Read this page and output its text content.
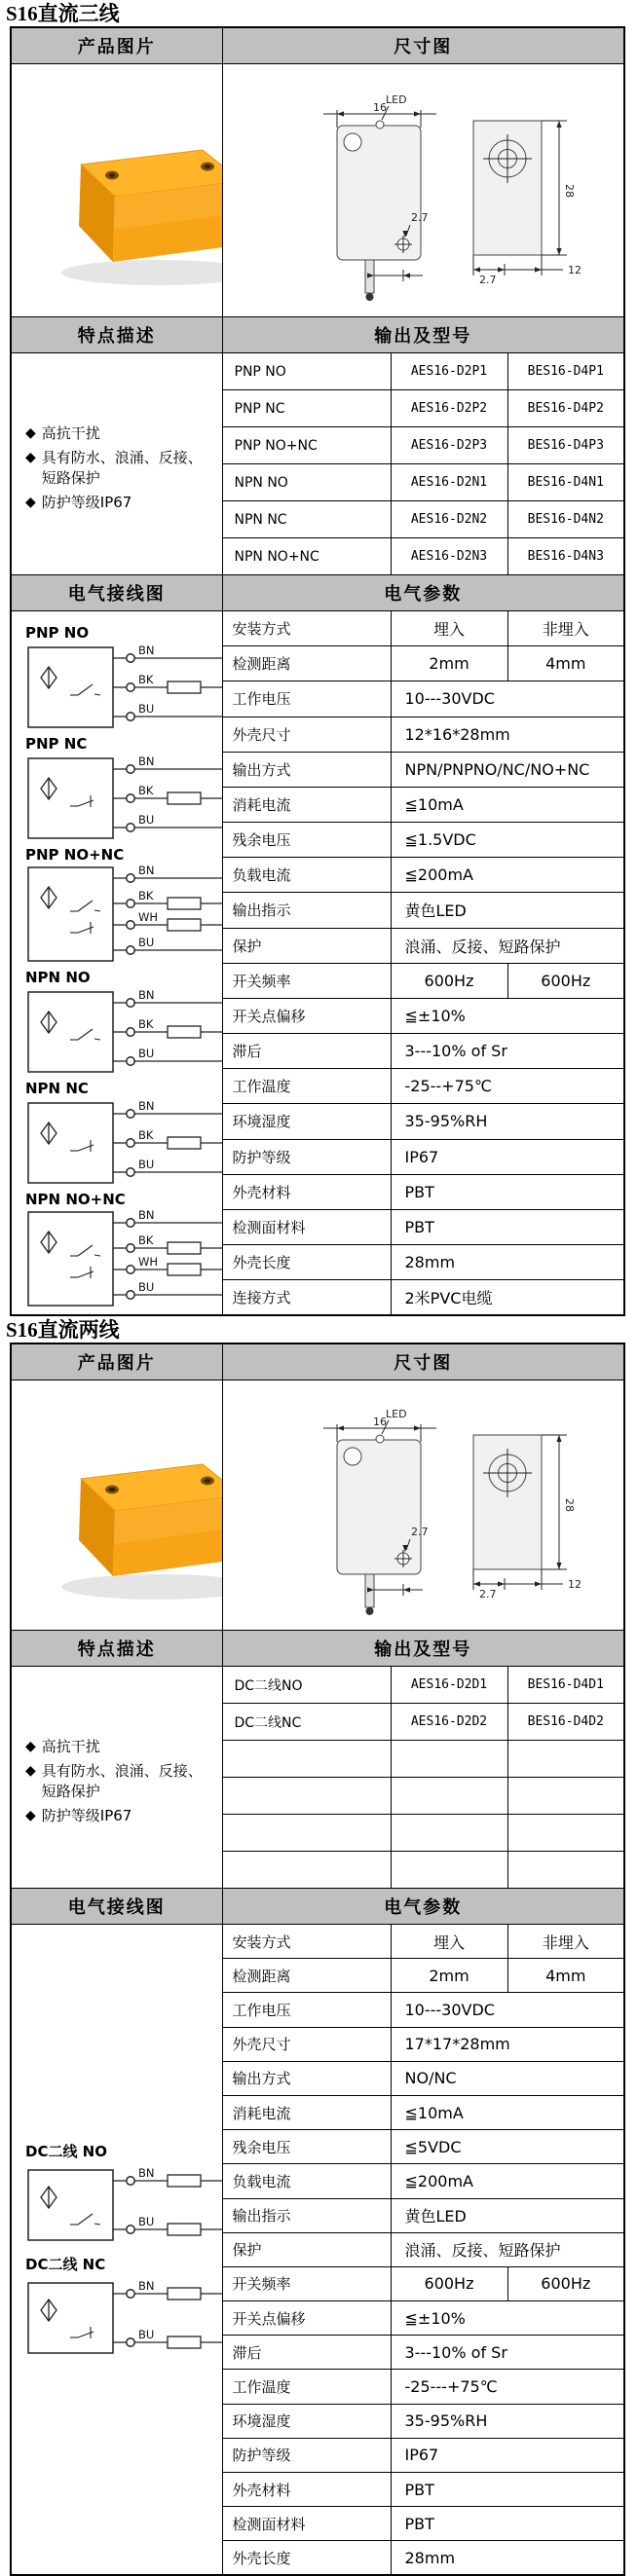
S16直流三线
产品图片	尺寸图		

LED
16
2.7
28
2.7
12

特点描述	输出及型号		

◆ 高抗干扰
◆ 具有防水、浪涌、反接、短路保护
◆ 防护等级IP67
	PNP NO	AES16-D2P1	BES16-D4P1
	PNP NC	AES16-D2P2	BES16-D4P2
	PNP NO+NC	AES16-D2P3	BES16-D4P3
	NPN NO	AES16-D2N1	BES16-D4N1
	NPN NC	AES16-D2N2	BES16-D4N2
	NPN NO+NC	AES16-D2N3	BES16-D4N3
电气接线图	电气参数		

PNP NO
BN
BK
BU
PNP NC
BN
BK
BU
PNP NO+NC
BN
BK
WH
BU
NPN NO
BN
BK
BU
NPN NC
BN
BK
BU
NPN NO+NC
BN
BK
WH
BU
	安装方式	埋入	非埋入
	检测距离	2mm	4mm
	工作电压	10---30VDC	
	外壳尺寸	12*16*28mm	
	输出方式	NPN/PNPNO/NC/NO+NC	
	消耗电流	≦10mA	
	残余电压	≦1.5VDC	
	负载电流	≦200mA	
	输出指示	黄色LED	
	保护	浪涌、反接、短路保护	
	开关频率	600Hz	600Hz
	开关点偏移	≦±10%	
	滞后	3---10% of Sr	
	工作温度	-25--+75℃	
	环境湿度	35-95%RH	
	防护等级	IP67	
	外壳材料	PBT	
	检测面材料	PBT	
	外壳长度	28mm	
	连接方式	2米PVC电缆	
S16直流两线
产品图片	尺寸图		

LED
16
2.7
28
2.7
12

特点描述	输出及型号		

◆ 高抗干扰
◆ 具有防水、浪涌、反接、短路保护
◆ 防护等级IP67
	DC二线NO	AES16-D2D1	BES16-D4D1
	DC二线NC	AES16-D2D2	BES16-D4D2

电气接线图	电气参数		

DC二线 NO
BN
BU
DC二线 NC
BN
BU
	安装方式	埋入	非埋入
	检测距离	2mm	4mm
	工作电压	10---30VDC	
	外壳尺寸	17*17*28mm	
	输出方式	NO/NC	
	消耗电流	≦10mA	
	残余电压	≦5VDC	
	负载电流	≦200mA	
	输出指示	黄色LED	
	保护	浪涌、反接、短路保护	
	开关频率	600Hz	600Hz
	开关点偏移	≦±10%	
	滞后	3---10% of Sr	
	工作温度	-25---+75℃	
	环境湿度	35-95%RH	
	防护等级	IP67	
	外壳材料	PBT	
	检测面材料	PBT	
	外壳长度	28mm	
